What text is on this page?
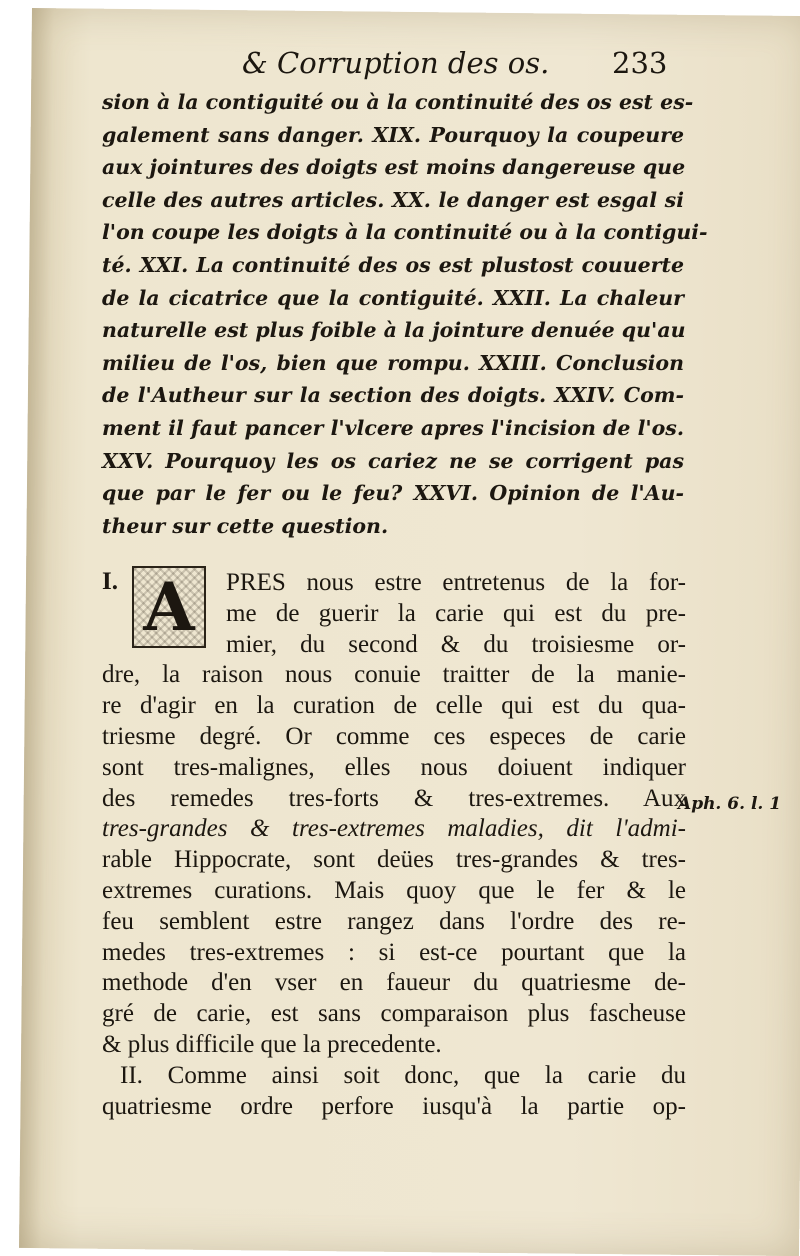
& Corruption des os. 233
sion à la contiguité ou à la continuité des os est es-
galement sans danger. XIX. Pourquoy la coupeure
aux jointures des doigts est moins dangereuse que
celle des autres articles. XX. le danger est esgal si
l'on coupe les doigts à la continuité ou à la contigui-
té. XXI. La continuité des os est plustost couuerte
de la cicatrice que la contiguité. XXII. La chaleur
naturelle est plus foible à la jointure denuée qu'au
milieu de l'os, bien que rompu. XXIII. Conclusion
de l'Autheur sur la section des doigts. XXIV. Com-
ment il faut pancer l'vlcere apres l'incision de l'os.
XXV. Pourquoy les os cariez ne se corrigent pas
que par le fer ou le feu? XXVI. Opinion de l'Au-
theur sur cette question.
A
I.	PRES nous estre entretenus de la for-
me de guerir la carie qui est du pre-
mier, du second & du troisiesme or-
dre, la raison nous conuie traitter de la manie-
re d'agir en la curation de celle qui est du qua-
triesme degré. Or comme ces especes de carie
sont tres-malignes, elles nous doiuent indiquer
des remedes tres-forts & tres-extremes. Aux
tres-grandes & tres-extremes maladies, dit l'admi-
rable Hippocrate, sont deües tres-grandes & tres-
extremes curations. Mais quoy que le fer & le
feu semblent estre rangez dans l'ordre des re-
medes tres-extremes : si est-ce pourtant que la
methode d'en vser en faueur du quatriesme de-
gré de carie, est sans comparaison plus fascheuse
& plus difficile que la precedente.
II. Comme ainsi soit donc, que la carie du
quatriesme ordre perfore iusqu'à la partie op-
Aph. 6. l. 1
